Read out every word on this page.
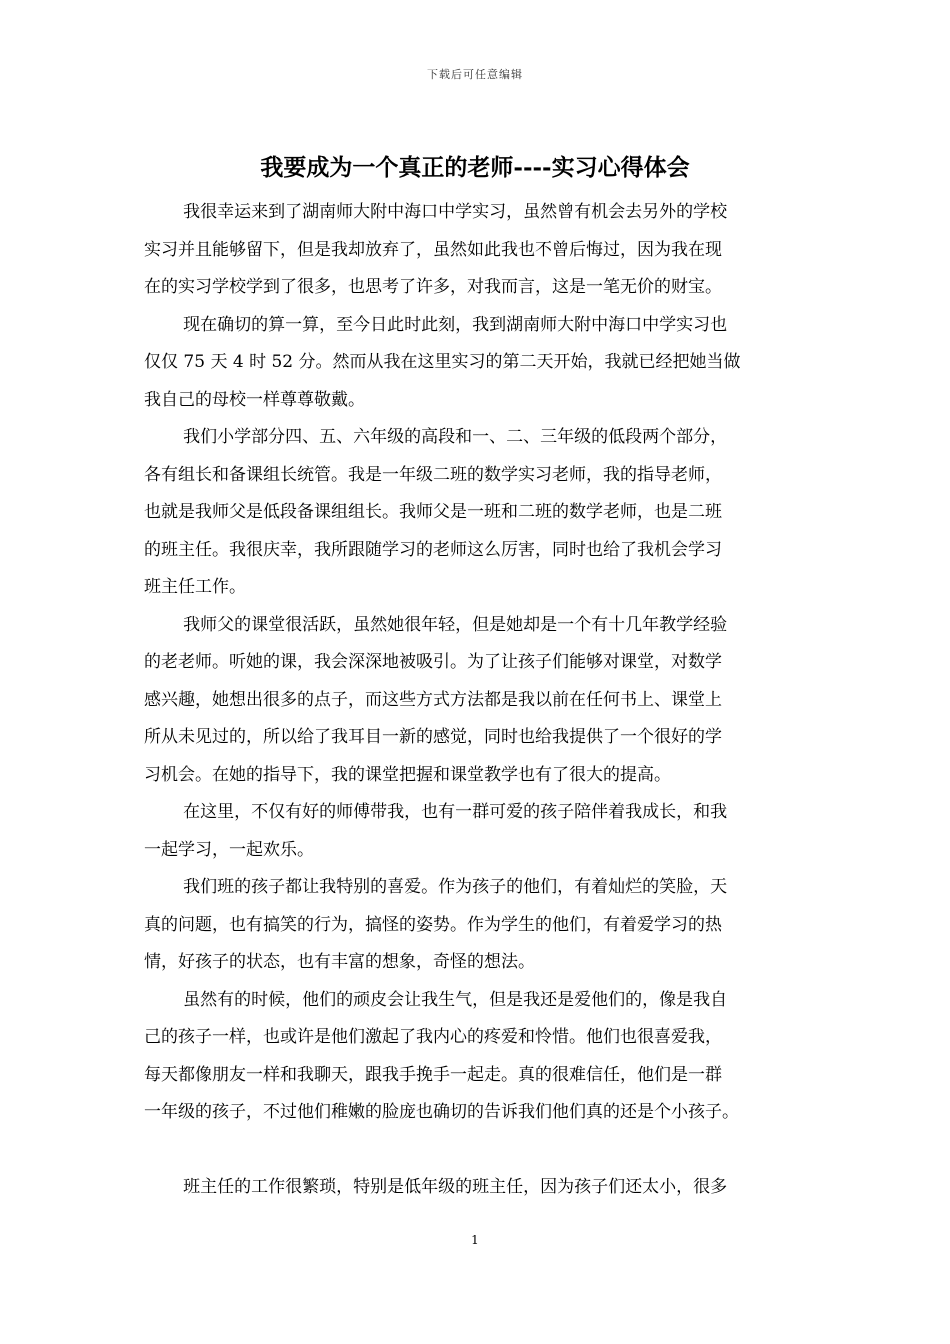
下载后可任意编辑
我要成为一个真正的老师----实习心得体会

我很幸运来到了湖南师大附中海口中学实习，虽然曾有机会去另外的学校
实习并且能够留下，但是我却放弃了，虽然如此我也不曾后悔过，因为我在现
在的实习学校学到了很多，也思考了许多，对我而言，这是一笔无价的财宝。

现在确切的算一算，至今日此时此刻，我到湖南师大附中海口中学实习也
仅仅 75 天 4 时 52 分。然而从我在这里实习的第二天开始，我就已经把她当做
我自己的母校一样尊尊敬戴。

我们小学部分四、五、六年级的高段和一、二、三年级的低段两个部分，
各有组长和备课组长统管。我是一年级二班的数学实习老师，我的指导老师，
也就是我师父是低段备课组组长。我师父是一班和二班的数学老师，也是二班
的班主任。我很庆幸，我所跟随学习的老师这么厉害，同时也给了我机会学习
班主任工作。

我师父的课堂很活跃，虽然她很年轻，但是她却是一个有十几年教学经验
的老老师。听她的课，我会深深地被吸引。为了让孩子们能够对课堂，对数学
感兴趣，她想出很多的点子，而这些方式方法都是我以前在任何书上、课堂上
所从未见过的，所以给了我耳目一新的感觉，同时也给我提供了一个很好的学
习机会。在她的指导下，我的课堂把握和课堂教学也有了很大的提高。

在这里，不仅有好的师傅带我，也有一群可爱的孩子陪伴着我成长，和我
一起学习，一起欢乐。

我们班的孩子都让我特别的喜爱。作为孩子的他们，有着灿烂的笑脸，天
真的问题，也有搞笑的行为，搞怪的姿势。作为学生的他们，有着爱学习的热
情，好孩子的状态，也有丰富的想象，奇怪的想法。

虽然有的时候，他们的顽皮会让我生气，但是我还是爱他们的，像是我自
己的孩子一样，也或许是他们激起了我内心的疼爱和怜惜。他们也很喜爱我，
每天都像朋友一样和我聊天，跟我手挽手一起走。真的很难信任，他们是一群
一年级的孩子，不过他们稚嫩的脸庞也确切的告诉我们他们真的还是个小孩子。

班主任的工作很繁琐，特别是低年级的班主任，因为孩子们还太小，很多

1
